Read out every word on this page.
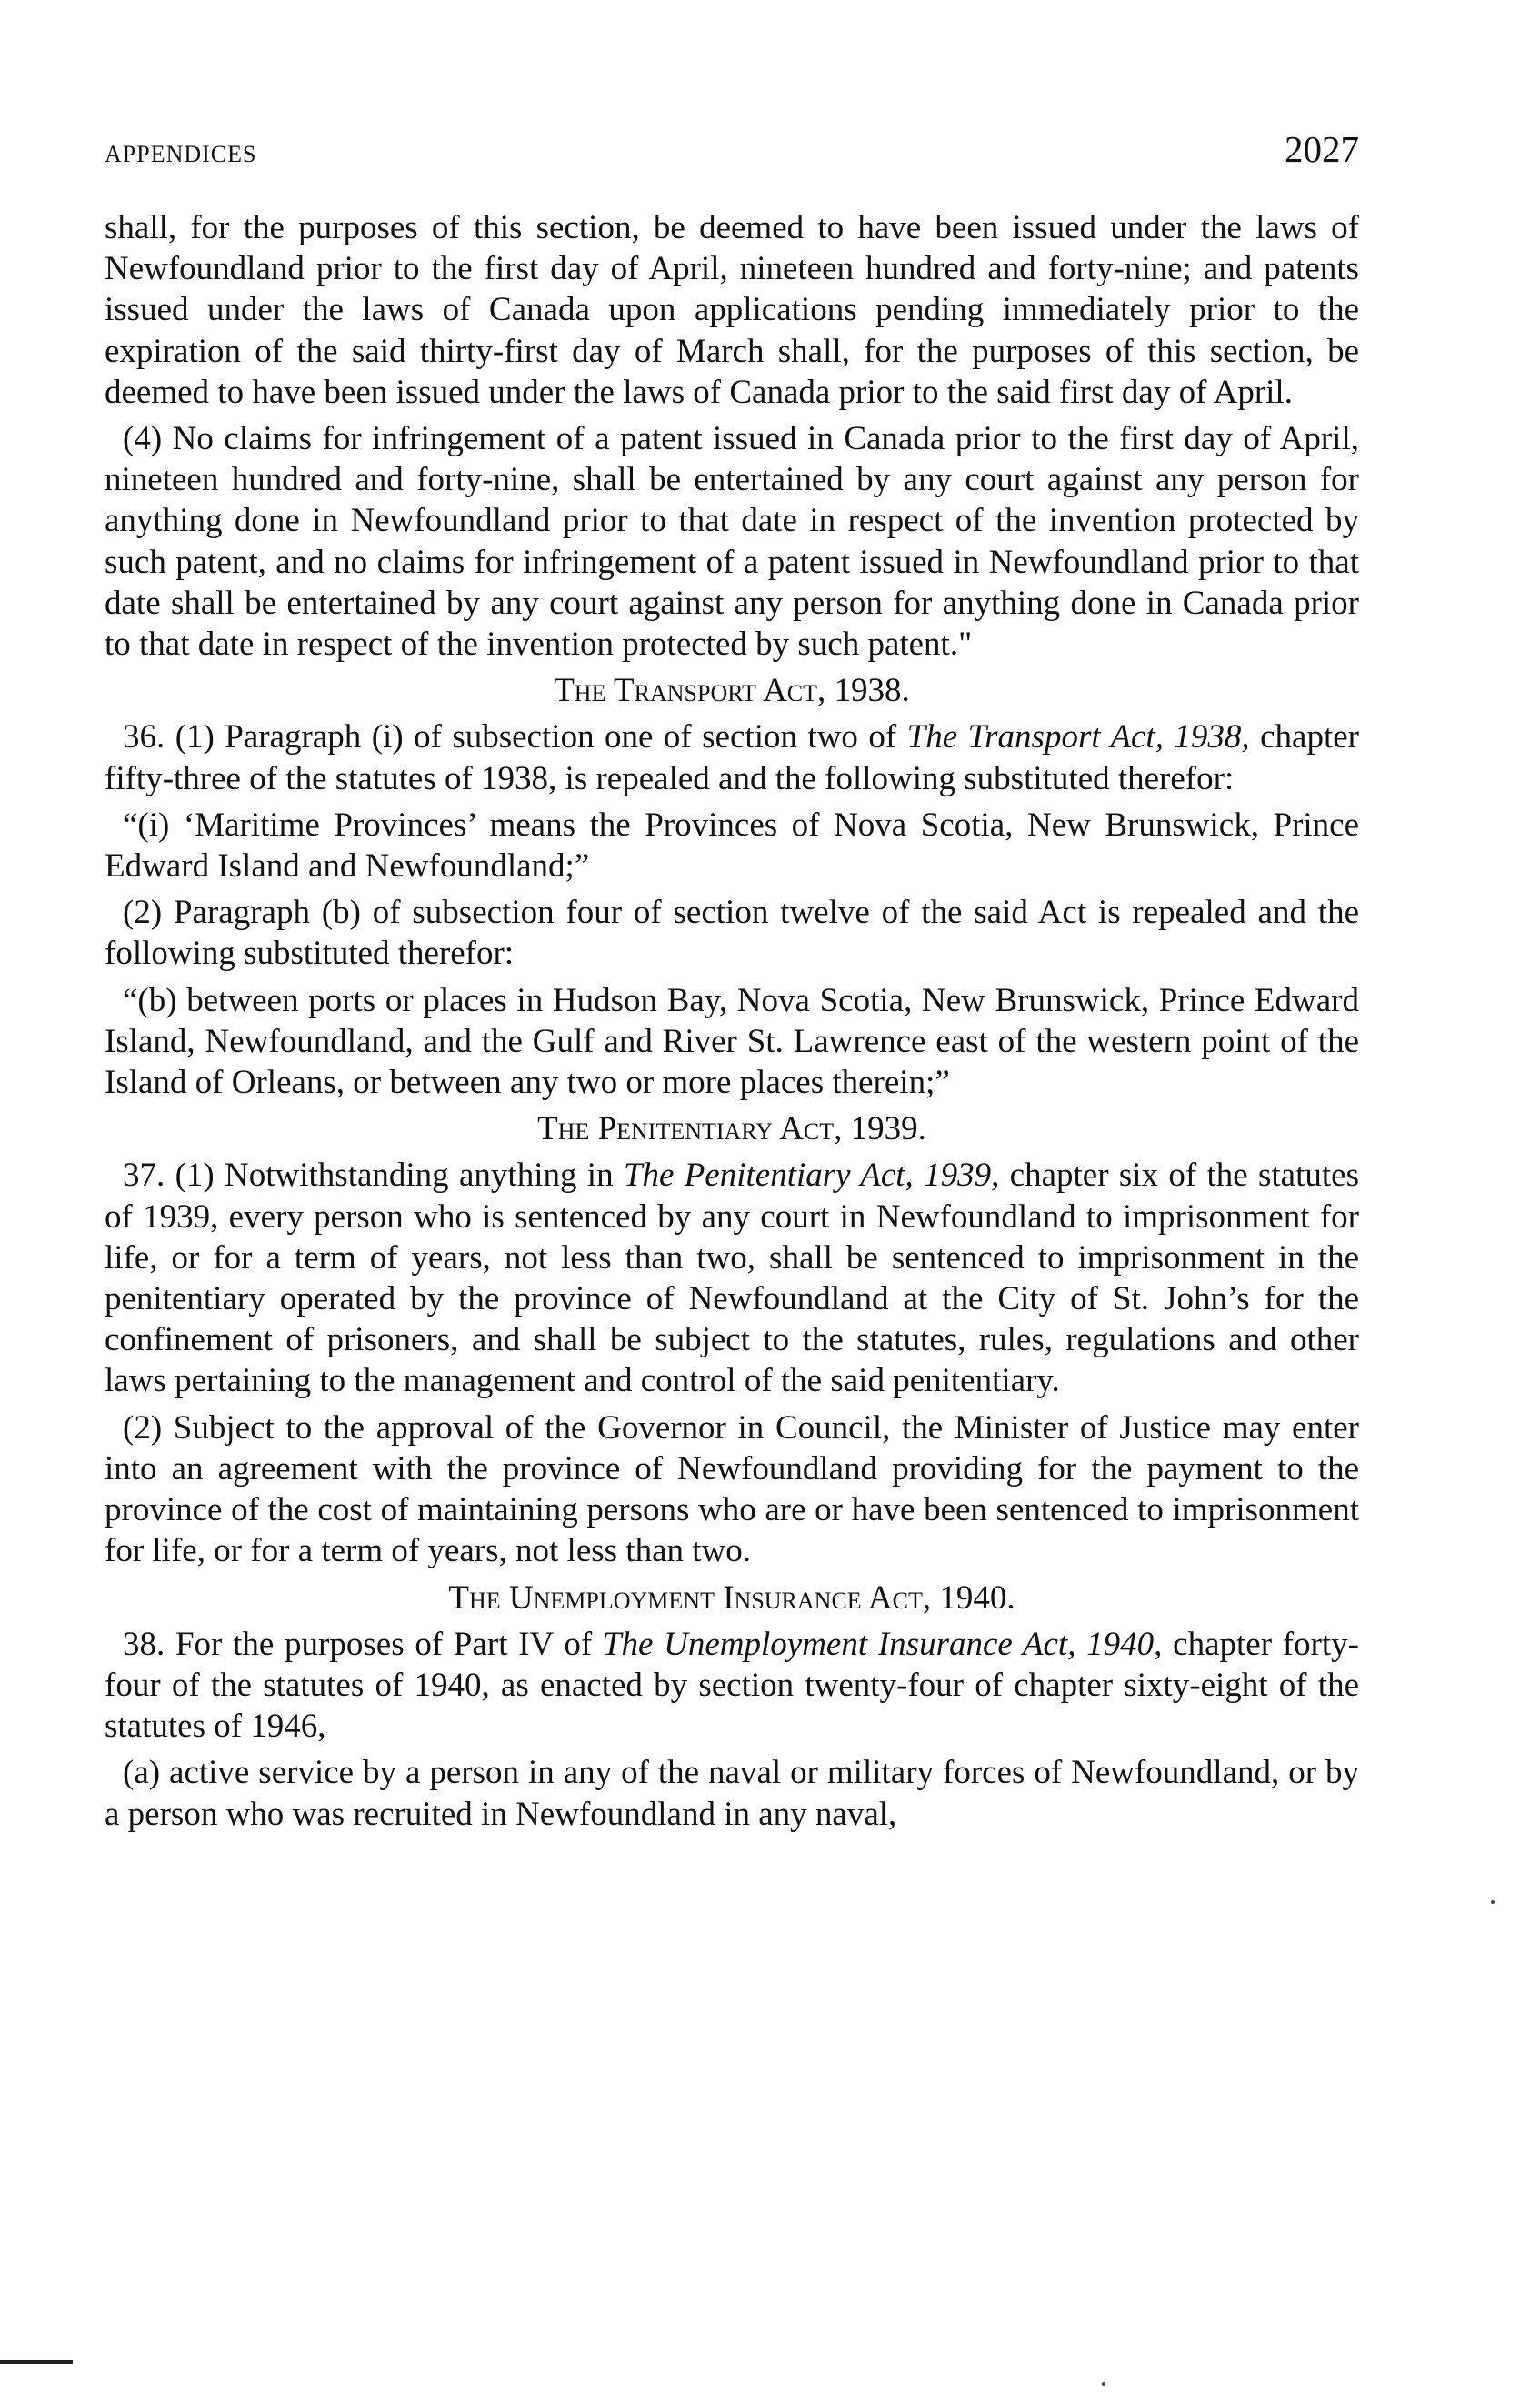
APPENDICES	2027

shall, for the purposes of this section, be deemed to have been issued under the laws of Newfoundland prior to the first day of April, nineteen hundred and forty-nine; and patents issued under the laws of Canada upon applications pending immediately prior to the expiration of the said thirty-first day of March shall, for the purposes of this section, be deemed to have been issued under the laws of Canada prior to the said first day of April.

(4) No claims for infringement of a patent issued in Canada prior to the first day of April, nineteen hundred and forty-nine, shall be entertained by any court against any person for anything done in Newfoundland prior to that date in respect of the invention protected by such patent, and no claims for infringement of a patent issued in Newfoundland prior to that date shall be entertained by any court against any person for anything done in Canada prior to that date in respect of the invention protected by such patent."

The Transport Act, 1938.

36. (1) Paragraph (i) of subsection one of section two of The Transport Act, 1938, chapter fifty-three of the statutes of 1938, is repealed and the following substituted therefor:

“(i) ‘Maritime Provinces’ means the Provinces of Nova Scotia, New Brunswick, Prince Edward Island and Newfoundland;”

(2) Paragraph (b) of subsection four of section twelve of the said Act is repealed and the following substituted therefor:

“(b) between ports or places in Hudson Bay, Nova Scotia, New Brunswick, Prince Edward Island, Newfoundland, and the Gulf and River St. Lawrence east of the western point of the Island of Orleans, or between any two or more places therein;”

The Penitentiary Act, 1939.

37. (1) Notwithstanding anything in The Penitentiary Act, 1939, chapter six of the statutes of 1939, every person who is sentenced by any court in Newfoundland to imprisonment for life, or for a term of years, not less than two, shall be sentenced to imprisonment in the penitentiary operated by the province of Newfoundland at the City of St. John’s for the confinement of prisoners, and shall be subject to the statutes, rules, regulations and other laws pertaining to the management and control of the said penitentiary.

(2) Subject to the approval of the Governor in Council, the Minister of Justice may enter into an agreement with the province of Newfoundland providing for the payment to the province of the cost of maintaining persons who are or have been sentenced to imprisonment for life, or for a term of years, not less than two.

The Unemployment Insurance Act, 1940.

38. For the purposes of Part IV of The Unemployment Insurance Act, 1940, chapter forty-four of the statutes of 1940, as enacted by section twenty-four of chapter sixty-eight of the statutes of 1946,

(a) active service by a person in any of the naval or military forces of Newfoundland, or by a person who was recruited in Newfoundland in any naval,
